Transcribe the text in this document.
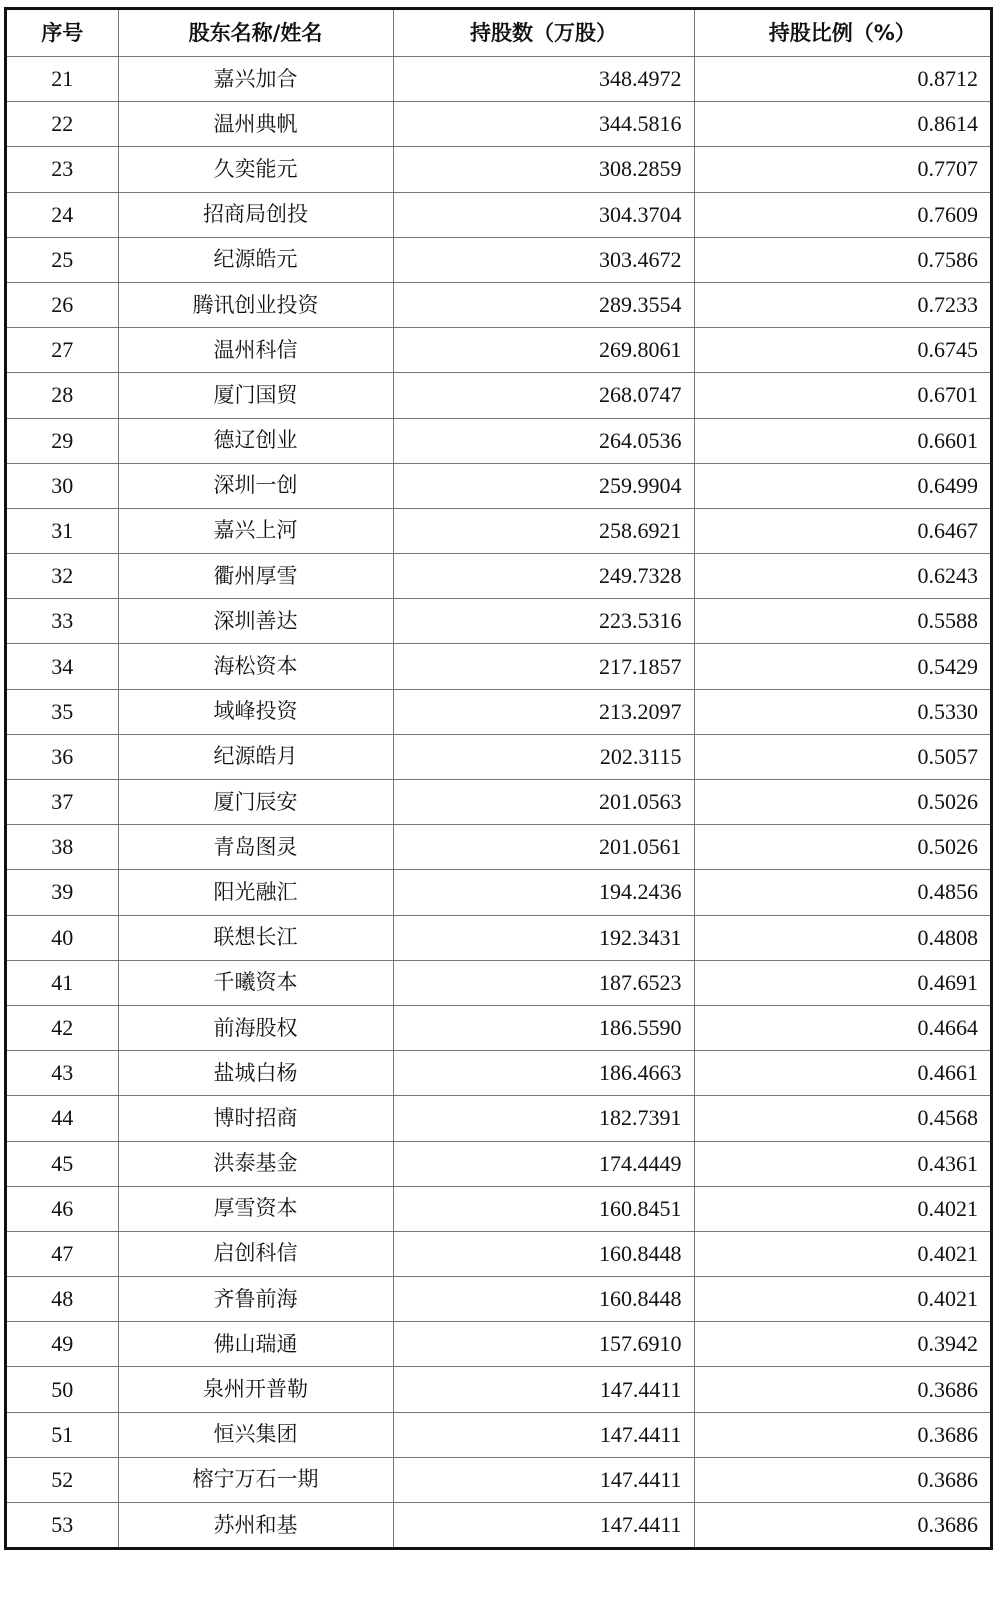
序号	股东名称/姓名	持股数（万股）	持股比例（%）
21	嘉兴加合	348.4972	0.8712
22	温州典帆	344.5816	0.8614
23	久奕能元	308.2859	0.7707
24	招商局创投	304.3704	0.7609
25	纪源皓元	303.4672	0.7586
26	腾讯创业投资	289.3554	0.7233
27	温州科信	269.8061	0.6745
28	厦门国贸	268.0747	0.6701
29	德辽创业	264.0536	0.6601
30	深圳一创	259.9904	0.6499
31	嘉兴上河	258.6921	0.6467
32	衢州厚雪	249.7328	0.6243
33	深圳善达	223.5316	0.5588
34	海松资本	217.1857	0.5429
35	域峰投资	213.2097	0.5330
36	纪源皓月	202.3115	0.5057
37	厦门辰安	201.0563	0.5026
38	青岛图灵	201.0561	0.5026
39	阳光融汇	194.2436	0.4856
40	联想长江	192.3431	0.4808
41	千曦资本	187.6523	0.4691
42	前海股权	186.5590	0.4664
43	盐城白杨	186.4663	0.4661
44	博时招商	182.7391	0.4568
45	洪泰基金	174.4449	0.4361
46	厚雪资本	160.8451	0.4021
47	启创科信	160.8448	0.4021
48	齐鲁前海	160.8448	0.4021
49	佛山瑞通	157.6910	0.3942
50	泉州开普勒	147.4411	0.3686
51	恒兴集团	147.4411	0.3686
52	榕宁万石一期	147.4411	0.3686
53	苏州和基	147.4411	0.3686
